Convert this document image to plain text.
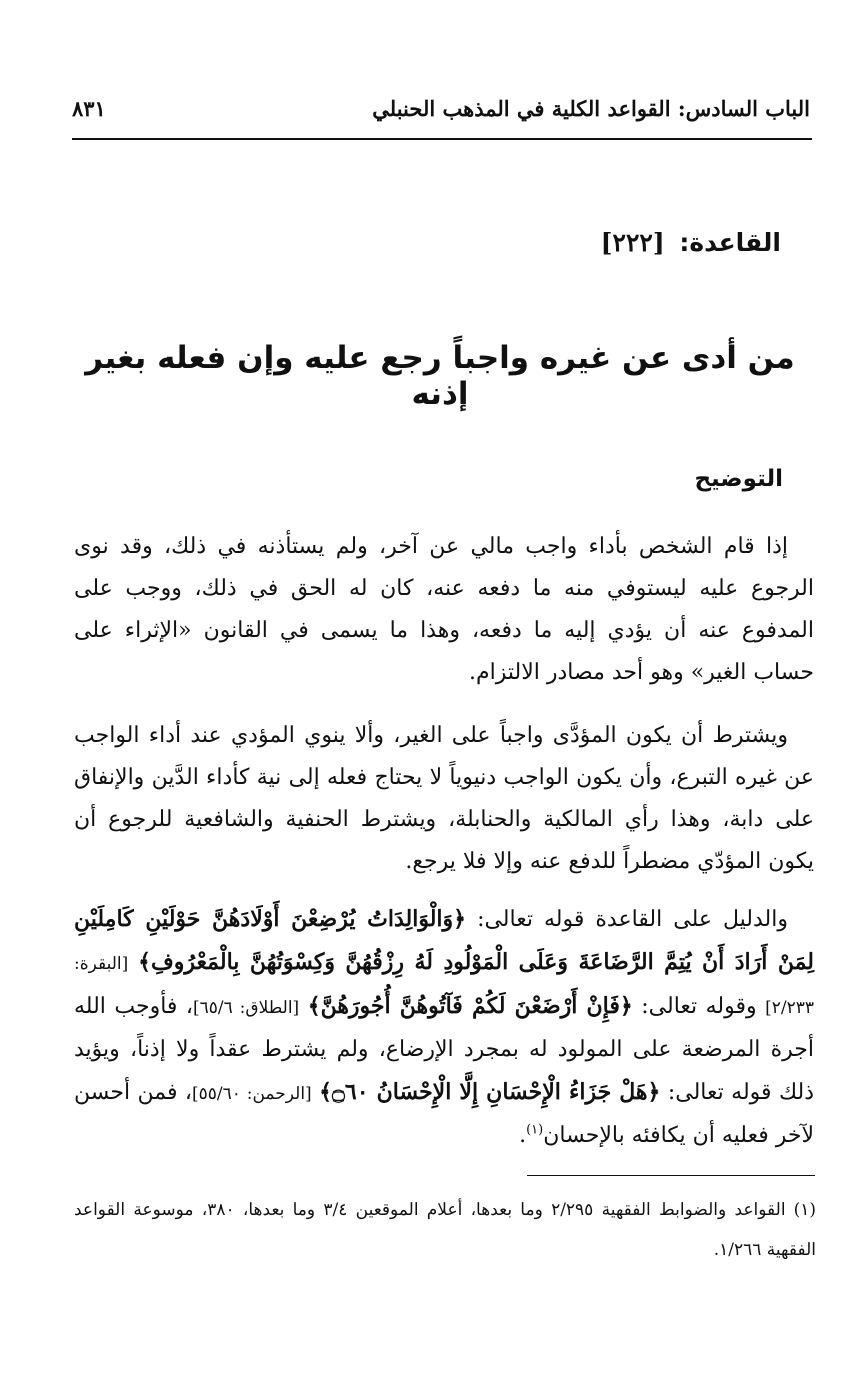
الباب السادس: القواعد الكلية في المذهب الحنبلي
٨٣١
القاعدة: [٢٢٢]
من أدى عن غيره واجباً رجع عليه وإن فعله بغير إذنه
التوضيح

إذا قام الشخص بأداء واجب مالي عن آخر، ولم يستأذنه في ذلك، وقد نوى الرجوع عليه ليستوفي منه ما دفعه عنه، كان له الحق في ذلك، ووجب على المدفوع عنه أن يؤدي إليه ما دفعه، وهذا ما يسمى في القانون «الإثراء على حساب الغير» وهو أحد مصادر الالتزام.

ويشترط أن يكون المؤدَّى واجباً على الغير، وألا ينوي المؤدي عند أداء الواجب عن غيره التبرع، وأن يكون الواجب دنيوياً لا يحتاج فعله إلى نية كأداء الدَّين والإنفاق على دابة، وهذا رأي المالكية والحنابلة، ويشترط الحنفية والشافعية للرجوع أن يكون المؤدّي مضطراً للدفع عنه وإلا فلا يرجع.

والدليل على القاعدة قوله تعالى: ﴿وَالْوَالِدَاتُ يُرْضِعْنَ أَوْلَادَهُنَّ حَوْلَيْنِ كَامِلَيْنِ لِمَنْ أَرَادَ أَنْ يُتِمَّ الرَّضَاعَةَ وَعَلَى الْمَوْلُودِ لَهُ رِزْقُهُنَّ وَكِسْوَتُهُنَّ بِالْمَعْرُوفِ﴾ [البقرة: ٢/٢٣٣] وقوله تعالى: ﴿فَإِنْ أَرْضَعْنَ لَكُمْ فَآتُوهُنَّ أُجُورَهُنَّ﴾ [الطلاق: ٦٥/٦]، فأوجب الله أجرة المرضعة على المولود له بمجرد الإرضاع، ولم يشترط عقداً ولا إذناً، ويؤيد ذلك قوله تعالى: ﴿هَلْ جَزَاءُ الْإِحْسَانِ إِلَّا الْإِحْسَانُ ۝٦٠﴾ [الرحمن: ٥٥/٦٠]، فمن أحسن لآخر فعليه أن يكافئه بالإحسان$^{(١)}$.

(١)القواعد والضوابط الفقهية ٢/٢٩٥ وما بعدها، أعلام الموقعين ٣/٤ وما بعدها، ٣٨٠، موسوعة القواعد الفقهية ١/٢٦٦.
